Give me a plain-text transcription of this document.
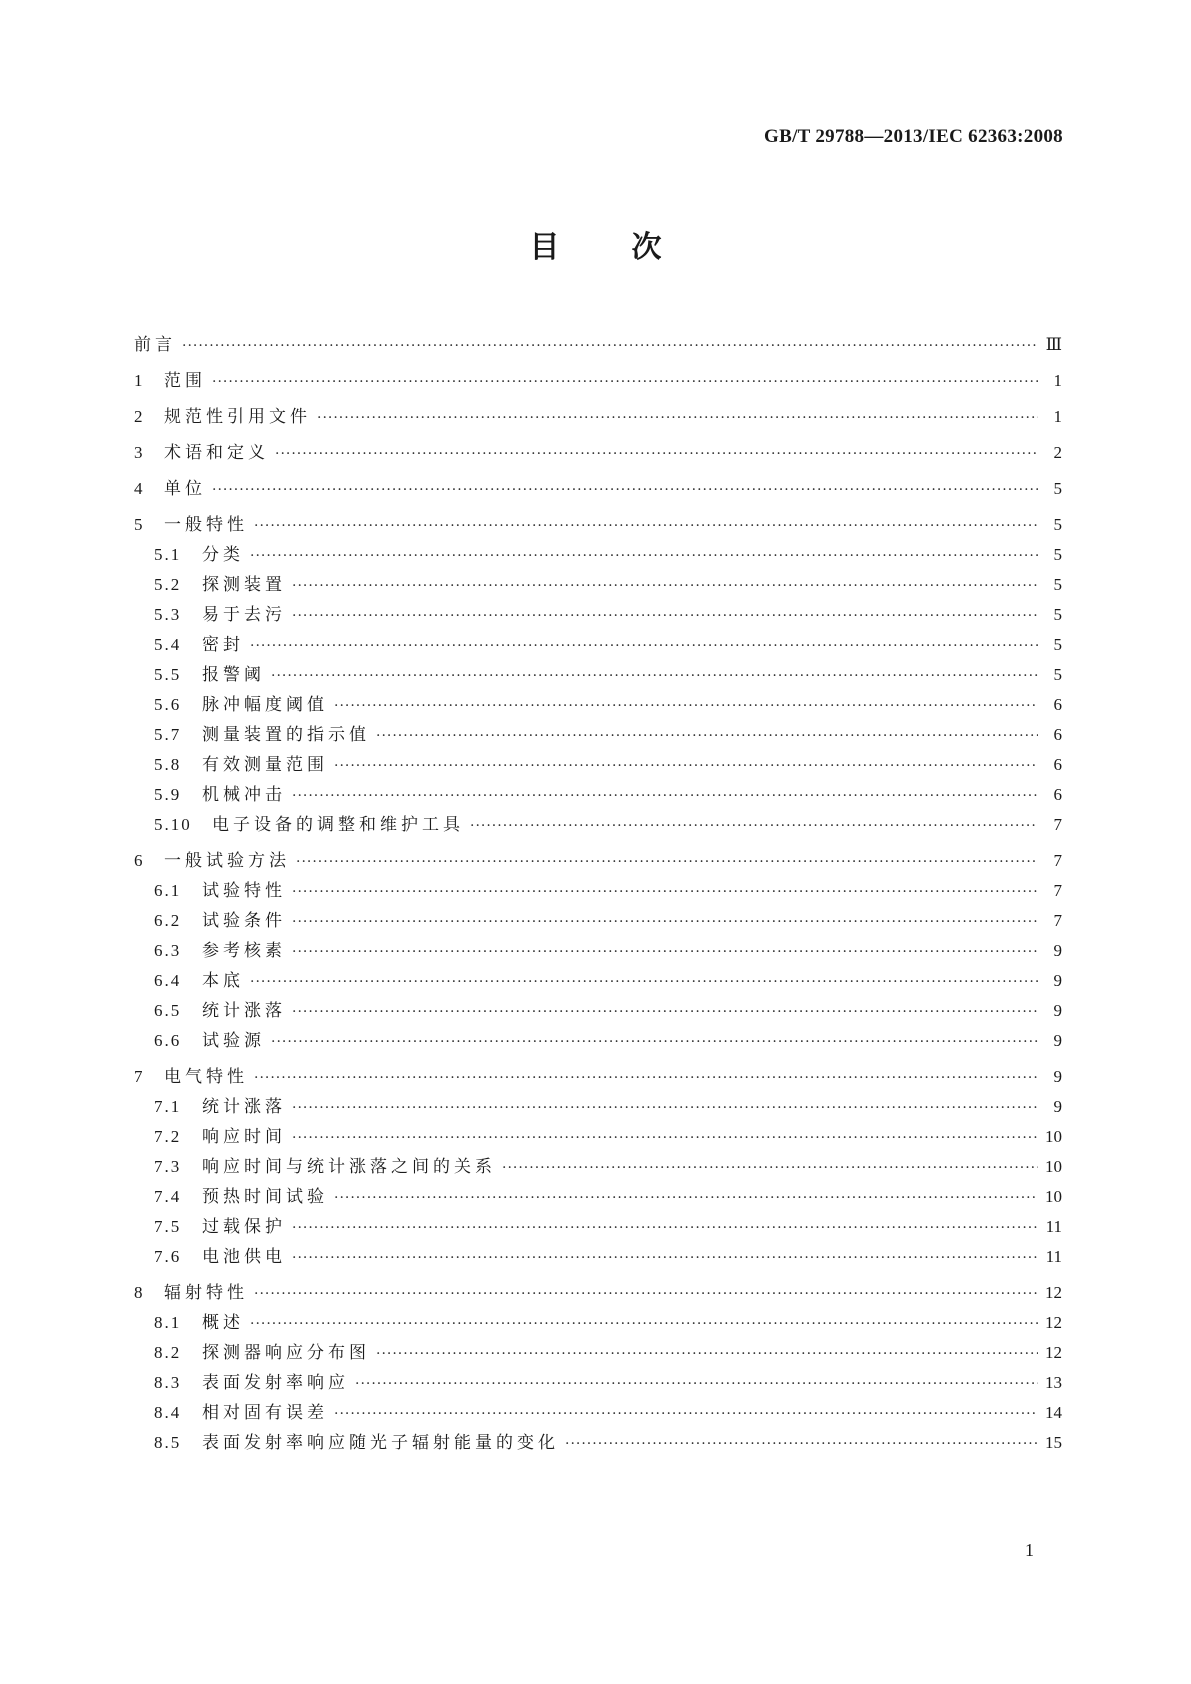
GB/T 29788—2013/IEC 62363:2008
目次
前言 ·····	Ⅲ
1	范围 ·····	1
2	规范性引用文件 ·····	1
3	术语和定义 ·····	2
4	单位 ·····	5
5	一般特性 ·····	5
5.1	分类 ·····	5
5.2	探测装置 ·····	5
5.3	易于去污 ·····	5
5.4	密封 ·····	5
5.5	报警阈 ·····	5
5.6	脉冲幅度阈值 ·····	6
5.7	测量装置的指示值 ·····	6
5.8	有效测量范围 ·····	6
5.9	机械冲击 ·····	6
5.10	电子设备的调整和维护工具 ·····	7
6	一般试验方法 ·····	7
6.1	试验特性 ·····	7
6.2	试验条件 ·····	7
6.3	参考核素 ·····	9
6.4	本底 ·····	9
6.5	统计涨落 ·····	9
6.6	试验源 ·····	9
7	电气特性 ·····	9
7.1	统计涨落 ·····	9
7.2	响应时间 ·····	10
7.3	响应时间与统计涨落之间的关系 ·····	10
7.4	预热时间试验 ·····	10
7.5	过载保护 ·····	11
7.6	电池供电 ·····	11
8	辐射特性 ·····	12
8.1	概述 ·····	12
8.2	探测器响应分布图 ·····	12
8.3	表面发射率响应 ·····	13
8.4	相对固有误差 ·····	14
8.5	表面发射率响应随光子辐射能量的变化 ·····	15
1
